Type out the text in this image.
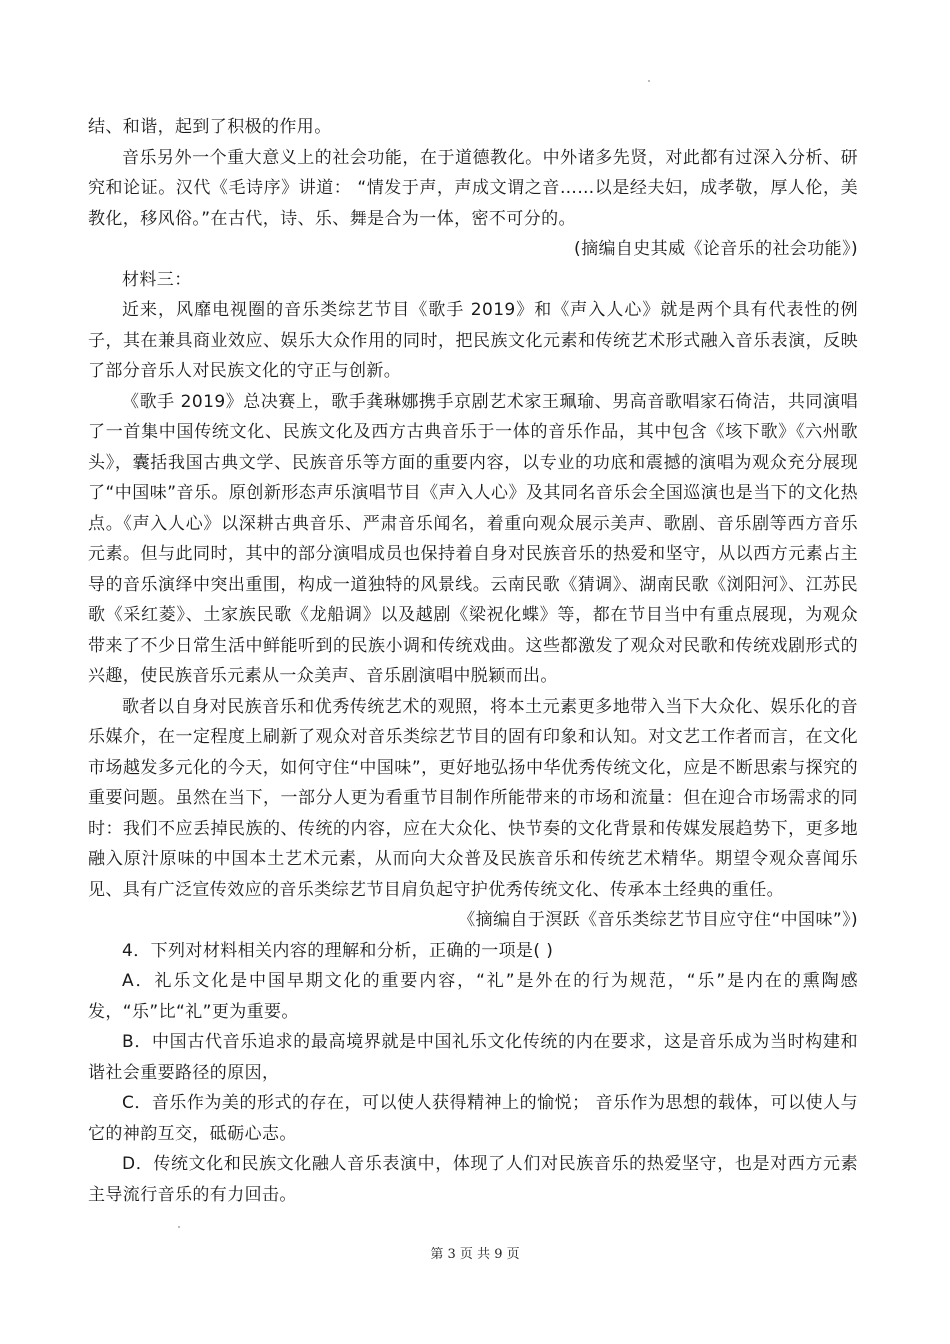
结、和谐，起到了积极的作用。

音乐另外一个重大意义上的社会功能，在于道德教化。中外诸多先贤，对此都有过深入分析、研究和论证。汉代《毛诗序》讲道： “情发于声，声成文谓之音……以是经夫妇，成孝敬，厚人伦，美教化，移风俗。”在古代，诗、乐、舞是合为一体，密不可分的。

(摘编自史其威《论音乐的社会功能》)

材料三：

近来，风靡电视圈的音乐类综艺节目《歌手 2019》和《声入人心》就是两个具有代表性的例子，其在兼具商业效应、娱乐大众作用的同时，把民族文化元素和传统艺术形式融入音乐表演，反映了部分音乐人对民族文化的守正与创新。

《歌手 2019》总决赛上，歌手龚琳娜携手京剧艺术家王珮瑜、男高音歌唱家石倚洁，共同演唱了一首集中国传统文化、民族文化及西方古典音乐于一体的音乐作品，其中包含《垓下歌》《六州歌头》，囊括我国古典文学、民族音乐等方面的重要内容，以专业的功底和震撼的演唱为观众充分展现了“中国味”音乐。原创新形态声乐演唱节目《声入人心》及其同名音乐会全国巡演也是当下的文化热点。《声入人心》以深耕古典音乐、严肃音乐闻名，着重向观众展示美声、歌剧、音乐剧等西方音乐元素。但与此同时，其中的部分演唱成员也保持着自身对民族音乐的热爱和坚守，从以西方元素占主导的音乐演绎中突出重围，构成一道独特的风景线。云南民歌《猜调》、湖南民歌《浏阳河》、江苏民歌《采红菱》、土家族民歌《龙船调》以及越剧《梁祝化蝶》等，都在节目当中有重点展现，为观众带来了不少日常生活中鲜能听到的民族小调和传统戏曲。这些都激发了观众对民歌和传统戏剧形式的兴趣，使民族音乐元素从一众美声、音乐剧演唱中脱颖而出。

歌者以自身对民族音乐和优秀传统艺术的观照，将本土元素更多地带入当下大众化、娱乐化的音乐媒介，在一定程度上刷新了观众对音乐类综艺节目的固有印象和认知。对文艺工作者而言，在文化市场越发多元化的今天，如何守住“中国味”，更好地弘扬中华优秀传统文化，应是不断思索与探究的重要问题。虽然在当下，一部分人更为看重节目制作所能带来的市场和流量：但在迎合市场需求的同时：我们不应丢掉民族的、传统的内容，应在大众化、快节奏的文化背景和传媒发展趋势下，更多地融入原汁原味的中国本土艺术元素，从而向大众普及民族音乐和传统艺术精华。期望令观众喜闻乐见、具有广泛宣传效应的音乐类综艺节目肩负起守护优秀传统文化、传承本土经典的重任。

《摘编自于溟跃《音乐类综艺节目应守住“中国味”》)

4．下列对材料相关内容的理解和分析，正确的一项是( )

A．礼乐文化是中国早期文化的重要内容，“礼”是外在的行为规范，“乐”是内在的熏陶感发，“乐”比“礼”更为重要。

B．中国古代音乐追求的最高境界就是中国礼乐文化传统的内在要求，这是音乐成为当时构建和谐社会重要路径的原因，

C．音乐作为美的形式的存在，可以使人获得精神上的愉悦； 音乐作为思想的载体，可以使人与它的神韵互交，砥砺心志。

D．传统文化和民族文化融人音乐表演中，体现了人们对民族音乐的热爱坚守，也是对西方元素主导流行音乐的有力回击。

第 3 页 共 9 页
